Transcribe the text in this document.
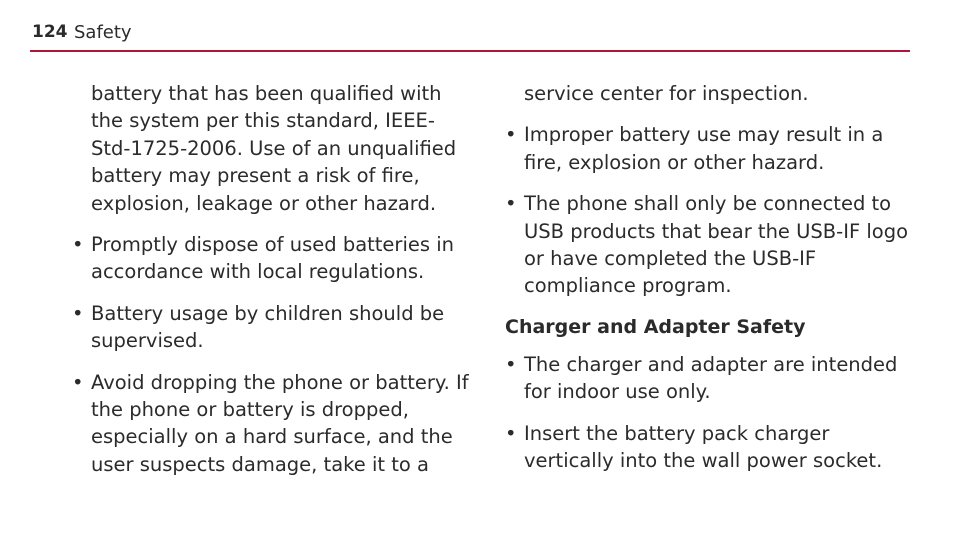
124 Safety

battery that has been qualified with the system per this standard, IEEE-Std-1725-2006. Use of an unqualified battery may present a risk of fire, explosion, leakage or other hazard.

• Promptly dispose of used batteries in accordance with local regulations.

• Battery usage by children should be supervised.

• Avoid dropping the phone or battery. If the phone or battery is dropped, especially on a hard surface, and the user suspects damage, take it to a

service center for inspection.

• Improper battery use may result in a fire, explosion or other hazard.

• The phone shall only be connected to USB products that bear the USB-IF logo or have completed the USB-IF compliance program.

Charger and Adapter Safety

• The charger and adapter are intended for indoor use only.

• Insert the battery pack charger vertically into the wall power socket.
